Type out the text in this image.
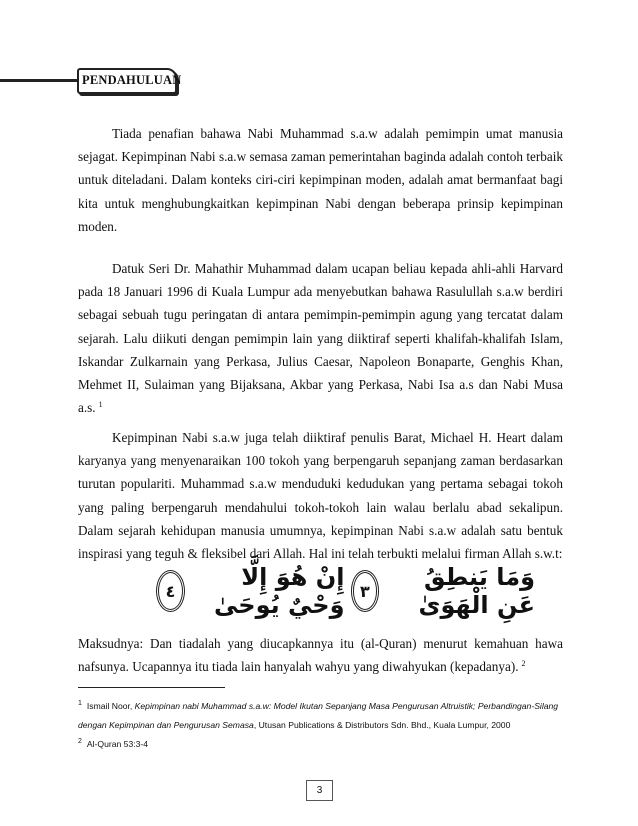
PENDAHULUAN

Tiada penafian bahawa Nabi Muhammad s.a.w adalah pemimpin umat manusia sejagat. Kepimpinan Nabi s.a.w semasa zaman pemerintahan baginda adalah contoh terbaik untuk diteladani. Dalam konteks ciri-ciri kepimpinan moden, adalah amat bermanfaat bagi kita untuk menghubungkaitkan kepimpinan Nabi dengan beberapa prinsip kepimpinan moden.

Datuk Seri Dr. Mahathir Muhammad dalam ucapan beliau kepada ahli-ahli Harvard pada 18 Januari 1996 di Kuala Lumpur ada menyebutkan bahawa Rasulullah s.a.w berdiri sebagai sebuah tugu peringatan di antara pemimpin-pemimpin agung yang tercatat dalam sejarah. Lalu diikuti dengan pemimpin lain yang diiktiraf seperti khalifah-khalifah Islam, Iskandar Zulkarnain yang Perkasa, Julius Caesar, Napoleon Bonaparte, Genghis Khan, Mehmet II, Sulaiman yang Bijaksana, Akbar yang Perkasa, Nabi Isa a.s dan Nabi Musa a.s. $^1$

Kepimpinan Nabi s.a.w juga telah diiktiraf penulis Barat, Michael H. Heart dalam karyanya yang menyenaraikan 100 tokoh yang berpengaruh sepanjang zaman berdasarkan turutan populariti. Muhammad s.a.w menduduki kedudukan yang pertama sebagai tokoh yang paling berpengaruh mendahului tokoh-tokoh lain walau berlalu abad sekalipun. Dalam sejarah kehidupan manusia umumnya, kepimpinan Nabi s.a.w adalah satu bentuk inspirasi yang teguh & fleksibel dari Allah. Hal ini telah terbukti melalui firman Allah s.w.t:

وَمَا يَنطِقُ عَنِ الْهَوَىٰ
٣
إِنْ هُوَ إِلَّا وَحْيٌ يُوحَىٰ
٤

Maksudnya: Dan tiadalah yang diucapkannya itu (al-Quran) menurut kemahuan hawa nafsunya. Ucapannya itu tiada lain hanyalah wahyu yang diwahyukan (kepadanya). $^2$

$^1$ Ismail Noor, Kepimpinan nabi Muhammad s.a.w: Model Ikutan Sepanjang Masa Pengurusan Altruistik; Perbandingan-Silang dengan Kepimpinan dan Pengurusan Semasa, Utusan Publications & Distributors Sdn. Bhd., Kuala Lumpur, 2000

$^2$ Al-Quran 53:3-4

3
